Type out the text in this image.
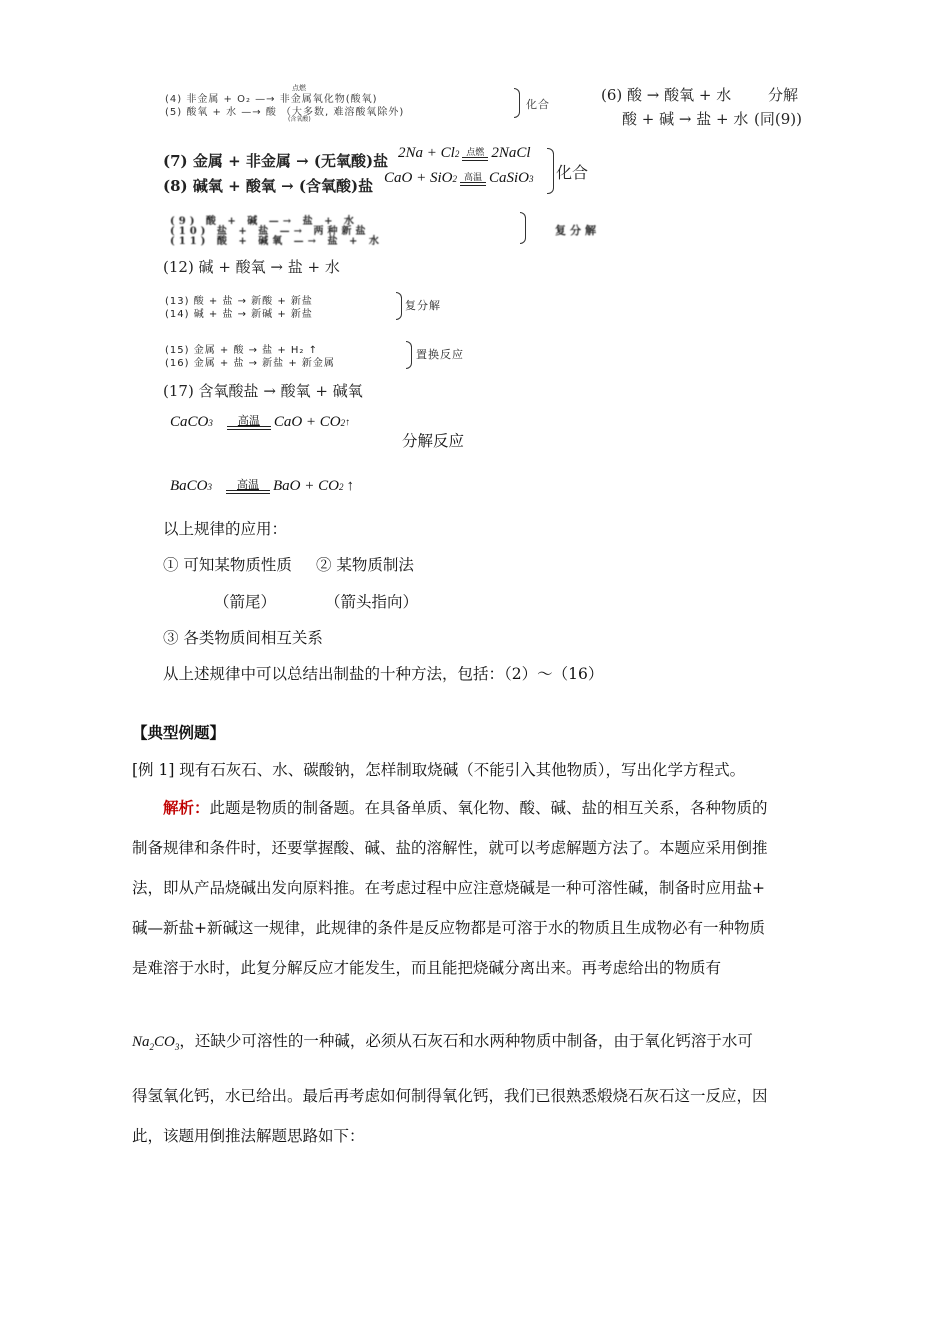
(4) 非金属 + O₂ —→ 非金属氧化物(酸氧)
点燃
(5) 酸氧 + 水 —→ 酸 （大多数, 难溶酸氧除外)
(含氧酸)
化合
(6) 酸 → 酸氧 + 水 分解
酸 + 碱 → 盐 + 水 (同(9))
(7) 金属 + 非金属 → (无氧酸)盐 2Na + Cl 2 点燃 2NaCl
(8) 碱氧 + 酸氧 → (含氧酸)盐 CaO + SiO 2 高温 CaSiO 3 化合
(9) 酸 + 碱 —→ 盐 + 水
(10) 盐 + 盐 —→ 两种新盐
(11) 酸 + 碱氧 —→ 盐 + 水
复分解
(12) 碱 + 酸氧 → 盐 + 水
(13) 酸 + 盐 → 新酸 + 新盐
(14) 碱 + 盐 → 新碱 + 新盐
复分解
(15) 金属 + 酸 → 盐 + H₂ ↑
(16) 金属 + 盐 → 新盐 + 新金属
置换反应
(17) 含氧酸盐 → 酸氧 + 碱氧
CaCO 3 高温 CaO + CO 2 ↑
分解反应
BaCO 3 高温 BaO + CO 2 ↑
以上规律的应用：
① 可知某物质性质 ② 某物质制法
（箭尾）	（箭头指向）
③ 各类物质间相互关系
从上述规律中可以总结出制盐的十种方法，包括：（2）～（16）
【典型例题】
[例 1] 现有石灰石、水、碳酸钠，怎样制取烧碱（不能引入其他物质），写出化学方程式。
解析：此题是物质的制备题。在具备单质、氧化物、酸、碱、盐的相互关系，各种物质的
制备规律和条件时，还要掌握酸、碱、盐的溶解性，就可以考虑解题方法了。本题应采用倒推
法，即从产品烧碱出发向原料推。在考虑过程中应注意烧碱是一种可溶性碱，制备时应用盐+
碱—新盐+新碱这一规律，此规律的条件是反应物都是可溶于水的物质且生成物必有一种物质
是难溶于水时，此复分解反应才能发生，而且能把烧碱分离出来。再考虑给出的物质有
$Na_2CO_3$，还缺少可溶性的一种碱，必须从石灰石和水两种物质中制备，由于氧化钙溶于水可
得氢氧化钙，水已给出。最后再考虑如何制得氧化钙，我们已很熟悉煅烧石灰石这一反应，因
此，该题用倒推法解题思路如下：
